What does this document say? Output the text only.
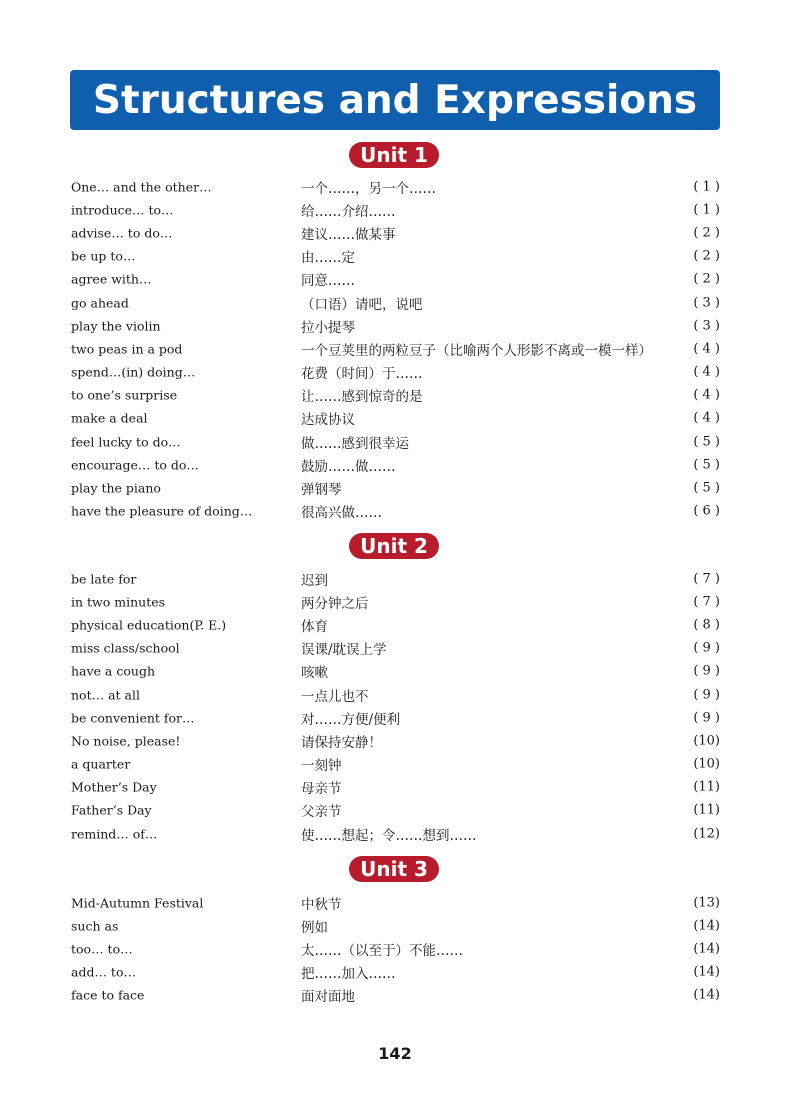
Structures and Expressions
Unit 1
One… and the other…	一个……，另一个……	( 1 )
introduce… to…	给……介绍……	( 1 )
advise… to do…	建议……做某事	( 2 )
be up to…	由……定	( 2 )
agree with…	同意……	( 2 )
go ahead	（口语）请吧，说吧	( 3 )
play the violin	拉小提琴	( 3 )
two peas in a pod	一个豆荚里的两粒豆子（比喻两个人形影不离或一模一样）	( 4 )
spend…(in) doing…	花费（时间）于……	( 4 )
to one’s surprise	让……感到惊奇的是	( 4 )
make a deal	达成协议	( 4 )
feel lucky to do…	做……感到很幸运	( 5 )
encourage… to do…	鼓励……做……	( 5 )
play the piano	弹钢琴	( 5 )
have the pleasure of doing…	很高兴做……	( 6 )
Unit 2
be late for	迟到	( 7 )
in two minutes	两分钟之后	( 7 )
physical education(P. E.)	体育	( 8 )
miss class/school	误课/耽误上学	( 9 )
have a cough	咳嗽	( 9 )
not… at all	一点儿也不	( 9 )
be convenient for…	对……方便/便利	( 9 )
No noise, please!	请保持安静！	(10)
a quarter	一刻钟	(10)
Mother’s Day	母亲节	(11)
Father’s Day	父亲节	(11)
remind… of…	使……想起；令……想到……	(12)
Unit 3
Mid-Autumn Festival	中秋节	(13)
such as	例如	(14)
too… to…	太……（以至于）不能……	(14)
add… to…	把……加入……	(14)
face to face	面对面地	(14)
142
